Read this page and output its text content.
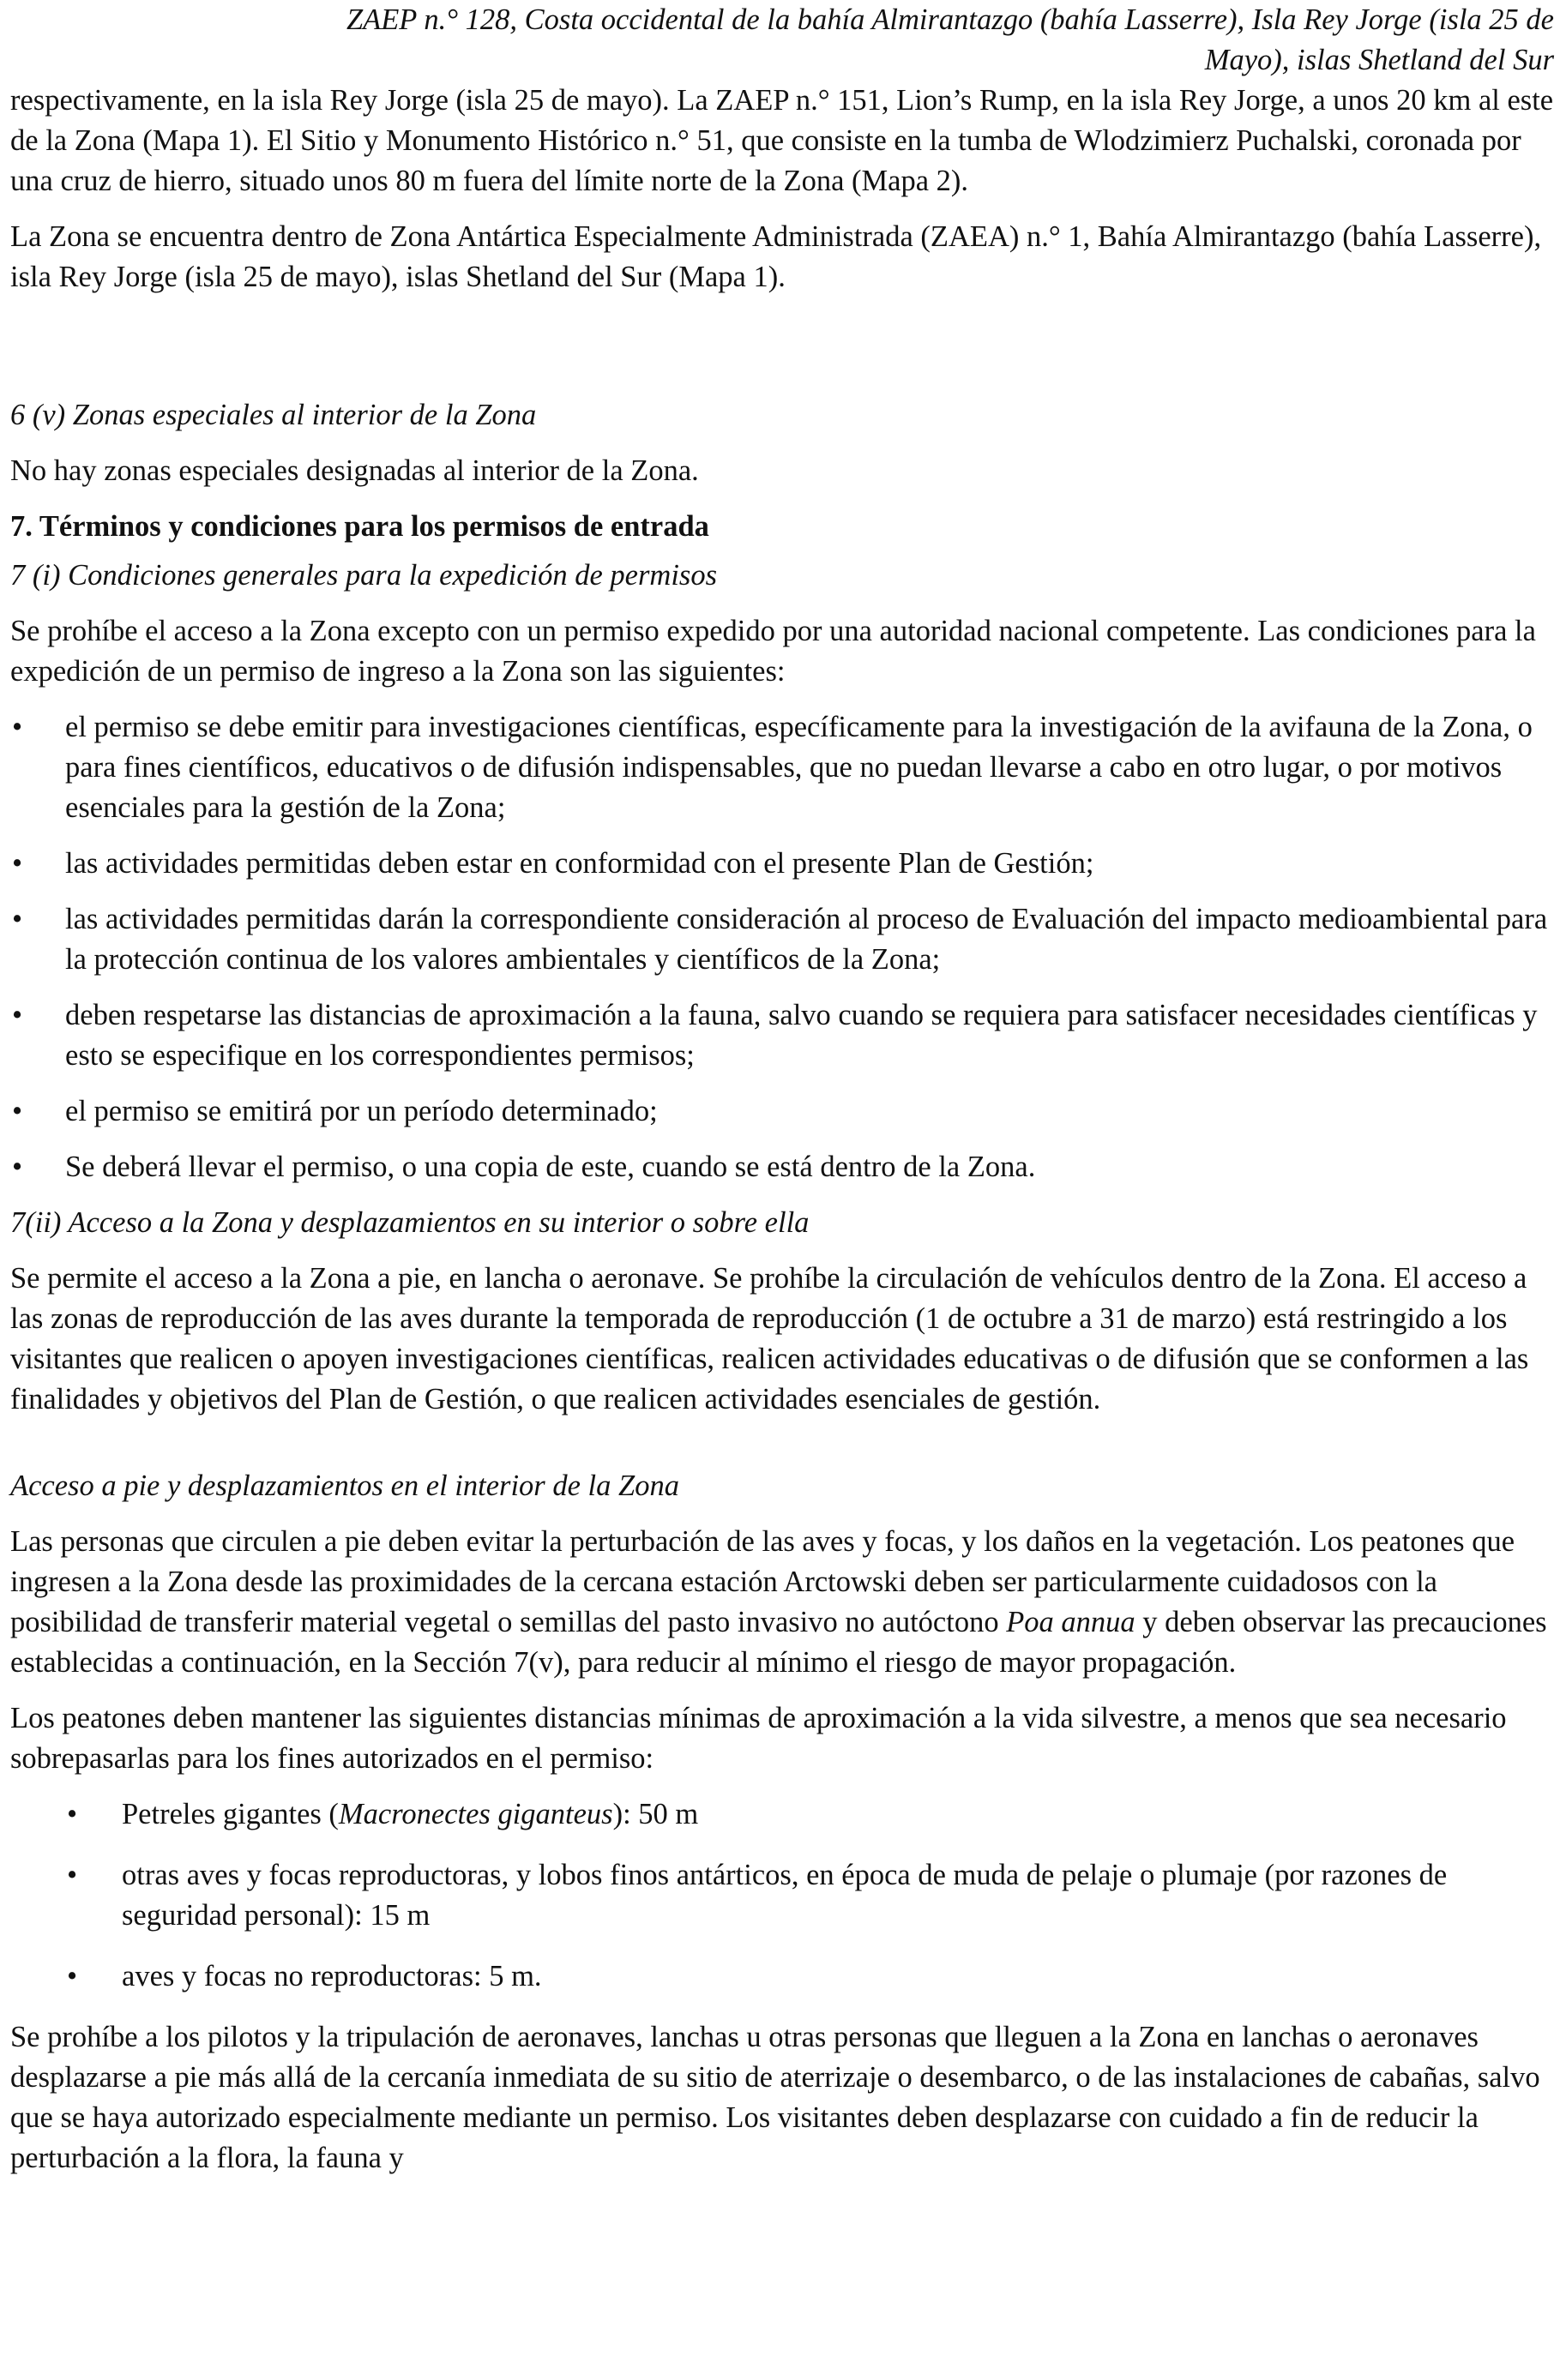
ZAEP n.° 128, Costa occidental de la bahía Almirantazgo (bahía Lasserre), Isla Rey Jorge (isla 25 de

Mayo), islas Shetland del Sur

respectivamente, en la isla Rey Jorge (isla 25 de mayo). La ZAEP n.° 151, Lion’s Rump, en la isla Rey Jorge, a unos 20 km al este de la Zona (Mapa 1). El Sitio y Monumento Histórico n.° 51, que consiste en la tumba de Wlodzimierz Puchalski, coronada por una cruz de hierro, situado unos 80 m fuera del límite norte de la Zona (Mapa 2).

La Zona se encuentra dentro de Zona Antártica Especialmente Administrada (ZAEA) n.° 1, Bahía Almirantazgo (bahía Lasserre), isla Rey Jorge (isla 25 de mayo), islas Shetland del Sur (Mapa 1).

6 (v) Zonas especiales al interior de la Zona

No hay zonas especiales designadas al interior de la Zona.

7. Términos y condiciones para los permisos de entrada

7 (i) Condiciones generales para la expedición de permisos

Se prohíbe el acceso a la Zona excepto con un permiso expedido por una autoridad nacional competente. Las condiciones para la expedición de un permiso de ingreso a la Zona son las siguientes:

• el permiso se debe emitir para investigaciones científicas, específicamente para la investigación de la avifauna de la Zona, o para fines científicos, educativos o de difusión indispensables, que no puedan llevarse a cabo en otro lugar, o por motivos esenciales para la gestión de la Zona;
• las actividades permitidas deben estar en conformidad con el presente Plan de Gestión;
• las actividades permitidas darán la correspondiente consideración al proceso de Evaluación del impacto medioambiental para la protección continua de los valores ambientales y científicos de la Zona;
• deben respetarse las distancias de aproximación a la fauna, salvo cuando se requiera para satisfacer necesidades científicas y esto se especifique en los correspondientes permisos;
• el permiso se emitirá por un período determinado;
• Se deberá llevar el permiso, o una copia de este, cuando se está dentro de la Zona.

7(ii) Acceso a la Zona y desplazamientos en su interior o sobre ella

Se permite el acceso a la Zona a pie, en lancha o aeronave. Se prohíbe la circulación de vehículos dentro de la Zona. El acceso a las zonas de reproducción de las aves durante la temporada de reproducción (1 de octubre a 31 de marzo) está restringido a los visitantes que realicen o apoyen investigaciones científicas, realicen actividades educativas o de difusión que se conformen a las finalidades y objetivos del Plan de Gestión, o que realicen actividades esenciales de gestión.

Acceso a pie y desplazamientos en el interior de la Zona

Las personas que circulen a pie deben evitar la perturbación de las aves y focas, y los daños en la vegetación. Los peatones que ingresen a la Zona desde las proximidades de la cercana estación Arctowski deben ser particularmente cuidadosos con la posibilidad de transferir material vegetal o semillas del pasto invasivo no autóctono Poa annua y deben observar las precauciones establecidas a continuación, en la Sección 7(v), para reducir al mínimo el riesgo de mayor propagación.

Los peatones deben mantener las siguientes distancias mínimas de aproximación a la vida silvestre, a menos que sea necesario sobrepasarlas para los fines autorizados en el permiso:

• Petreles gigantes (Macronectes giganteus): 50 m
• otras aves y focas reproductoras, y lobos finos antárticos, en época de muda de pelaje o plumaje (por razones de seguridad personal): 15 m
• aves y focas no reproductoras: 5 m.

Se prohíbe a los pilotos y la tripulación de aeronaves, lanchas u otras personas que lleguen a la Zona en lanchas o aeronaves desplazarse a pie más allá de la cercanía inmediata de su sitio de aterrizaje o desembarco, o de las instalaciones de cabañas, salvo que se haya autorizado especialmente mediante un permiso. Los visitantes deben desplazarse con cuidado a fin de reducir la perturbación a la flora, la fauna y
